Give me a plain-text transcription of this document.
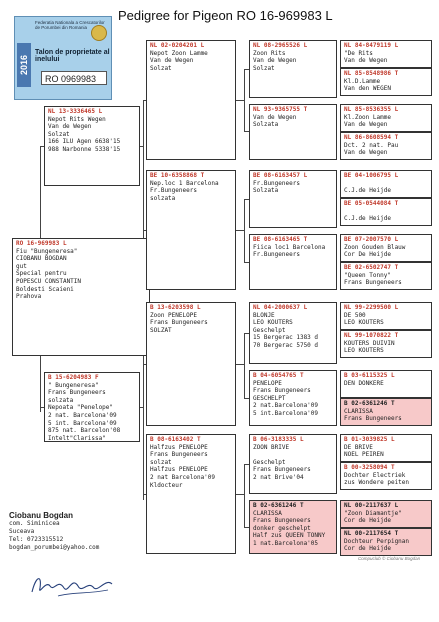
Pedigree for Pigeon RO 16-969983 L
2016
Federatia Nationala a Crescatorilor de Porumbei din Romania
Talon de proprietate al inelului
RO 0969983
RO 16-969983 L
Fiu "Bungeneresa"
CIOBANU BOGDAN
gut
Special pentru
POPESCU CONSTANTIN
Boldesti Scaieni
Prahova
NL 13-3336465 L
Nepot Rits Wegen
Van de Wegen
Solzat
166 ILU Agen 6638'15
988 Narbonne 5338'15
B 15-6204983 F
" Bungeneresa"
Frans Bungeneers
solzata
Nepoata "Penelope"
2 nat. Barcelona'09
5 int. Barcelona'09
875 nat. Barcelon'08
Intelt"Clarissa"
NL 02-0204201 L
Nepot Zoon Lamme
Van de Wegen
Solzat
BE 10-6358868 T
Nep.loc 1 Barcelona
Fr.Bungeneers
solzata
B 13-6203598 L
Zoon PENELOPE
Frans Bungeneers
SOLZAT
B 08-6163402 T
Halfzus PENELOPE
Frans Bungeneers
solzat
Halfzus PENELOPE
2 nat Barcelona'09
Kldocteur
NL 08-2965526 L
Zoon Rits
Van de Wegen
Solzat
NL 93-9365755 T
Van de Wegen
Solzata
BE 08-6163457 L
Fr.Bungeneers
Solzata
BE 08-6163465 T
Fiica loc1 Barcelona
Fr.Bungeneers
NL 04-2000637 L
BLONJE
LEO KOUTERS
Geschelpt
15 Bergerac 1383 d
70 Bergerac 5750 d
B 04-6054765 T
PENELOPE
Frans Bungeneers
GESCHELPT
2 nat.Barcelona'09
5 int.Barcelona'09
B 06-3183335 L
ZOON BRIVE

Geschelpt
Frans Bungeneers
2 nat Brive'04
B 02-6361246 T
CLARISSA
Frans Bungeneers
donker geschelpt
Half zus QUEEN TONNY
1 nat.Barcelona'05
NL 84-8479119 L
"De Rits
Van de Wegen
NL 85-8548986 T
Kl.D.Lamme
Van den WEGEN
NL 85-8536355 L
Kl.Zoon Lamme
Van de Wegen
NL 86-8608594 T
Dct. 2 nat. Pau
Van de Wegen
BE 04-1006795 L

C.J.de Heijde
BE 05-0544084 T

C.J.de Heijde
BE 07-2007570 L
Zoon Gouden Blauw
Cor De Heijde
BE 02-6502747 T
"Queen Tonny"
Frans Bungeneers
NL 99-2299500 L
DE 500
LEO KOUTERS
NL 99-1070822 T
KOUTERS DUIVIN
LEO KOUTERS
B 03-6115325 L
DEN DONKERE
B 02-6361246 T
CLARISSA
Frans Bungeneers
B 01-3039825 L
DE BRIVE
NOEL PEIREN
B 00-3258094 T
Dochter Electriek
zus Wondere peiten
NL 00-2117637 L
"Zoon Diamantje"
Cor de Heijde
NL 00-2117654 T
Dochteur Perpignan
Cor de Heijde
Ciobanu Bogdan
com. Siminicea
Suceava
Tel: 0723315512
bogdan_porumbei@yahoo.com
Compuclub © Ciobanu Bogdan
